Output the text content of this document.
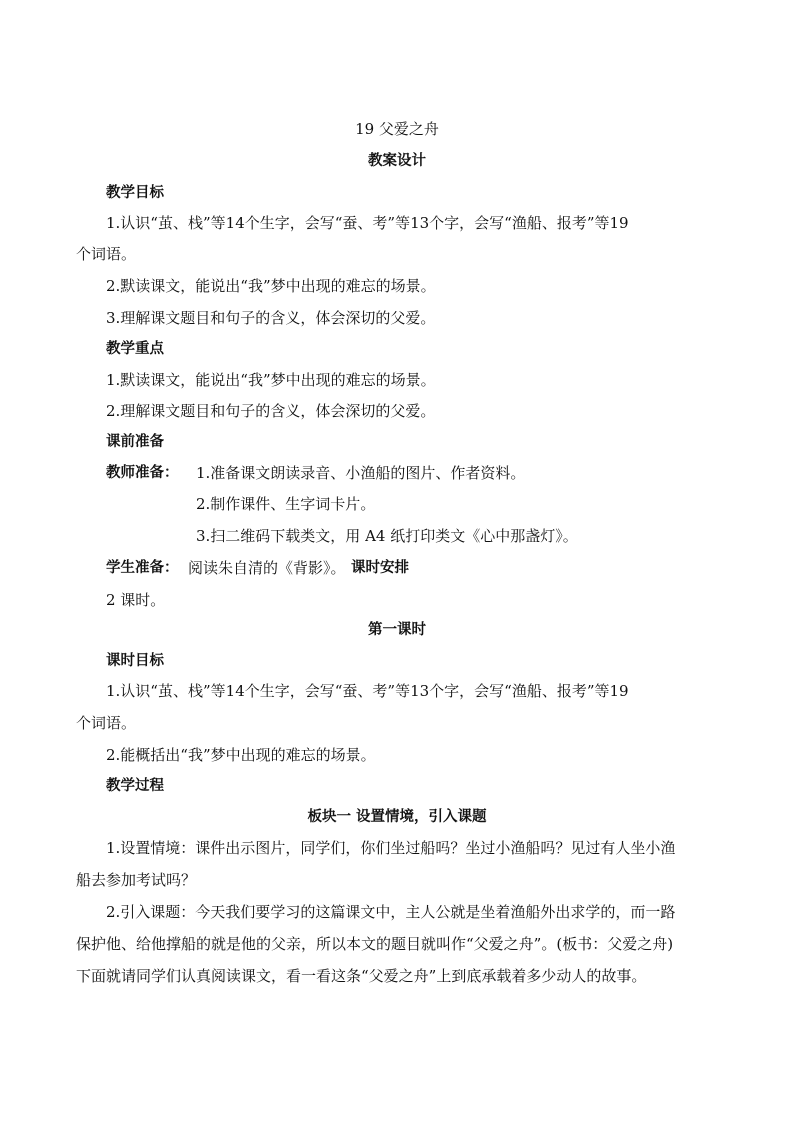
19 父爱之舟
教案设计
教学目标
1.认识“茧、栈”等14个生字，会写“蚕、考”等13个字，会写“渔船、报考”等19
个词语。
2.默读课文，能说出“我”梦中出现的难忘的场景。
3.理解课文题目和句子的含义，体会深切的父爱。
教学重点
1.默读课文，能说出“我”梦中出现的难忘的场景。
2.理解课文题目和句子的含义，体会深切的父爱。
课前准备
教师准备： 1.准备课文朗读录音、小渔船的图片、作者资料。
2.制作课件、生字词卡片。
3.扫二维码下载类文，用 A4 纸打印类文《心中那盏灯》。
学生准备： 阅读朱自清的《背影》。 课时安排
2 课时。
第一课时
课时目标
1.认识“茧、栈”等14个生字，会写“蚕、考”等13个字，会写“渔船、报考”等19
个词语。
2.能概括出“我”梦中出现的难忘的场景。
教学过程
板块一 设置情境，引入课题
1.设置情境：课件出示图片，同学们，你们坐过船吗？坐过小渔船吗？见过有人坐小渔
船去参加考试吗？
2.引入课题：今天我们要学习的这篇课文中，主人公就是坐着渔船外出求学的，而一路
保护他、给他撑船的就是他的父亲，所以本文的题目就叫作“父爱之舟”。(板书：父爱之舟)
下面就请同学们认真阅读课文，看一看这条“父爱之舟”上到底承载着多少动人的故事。
